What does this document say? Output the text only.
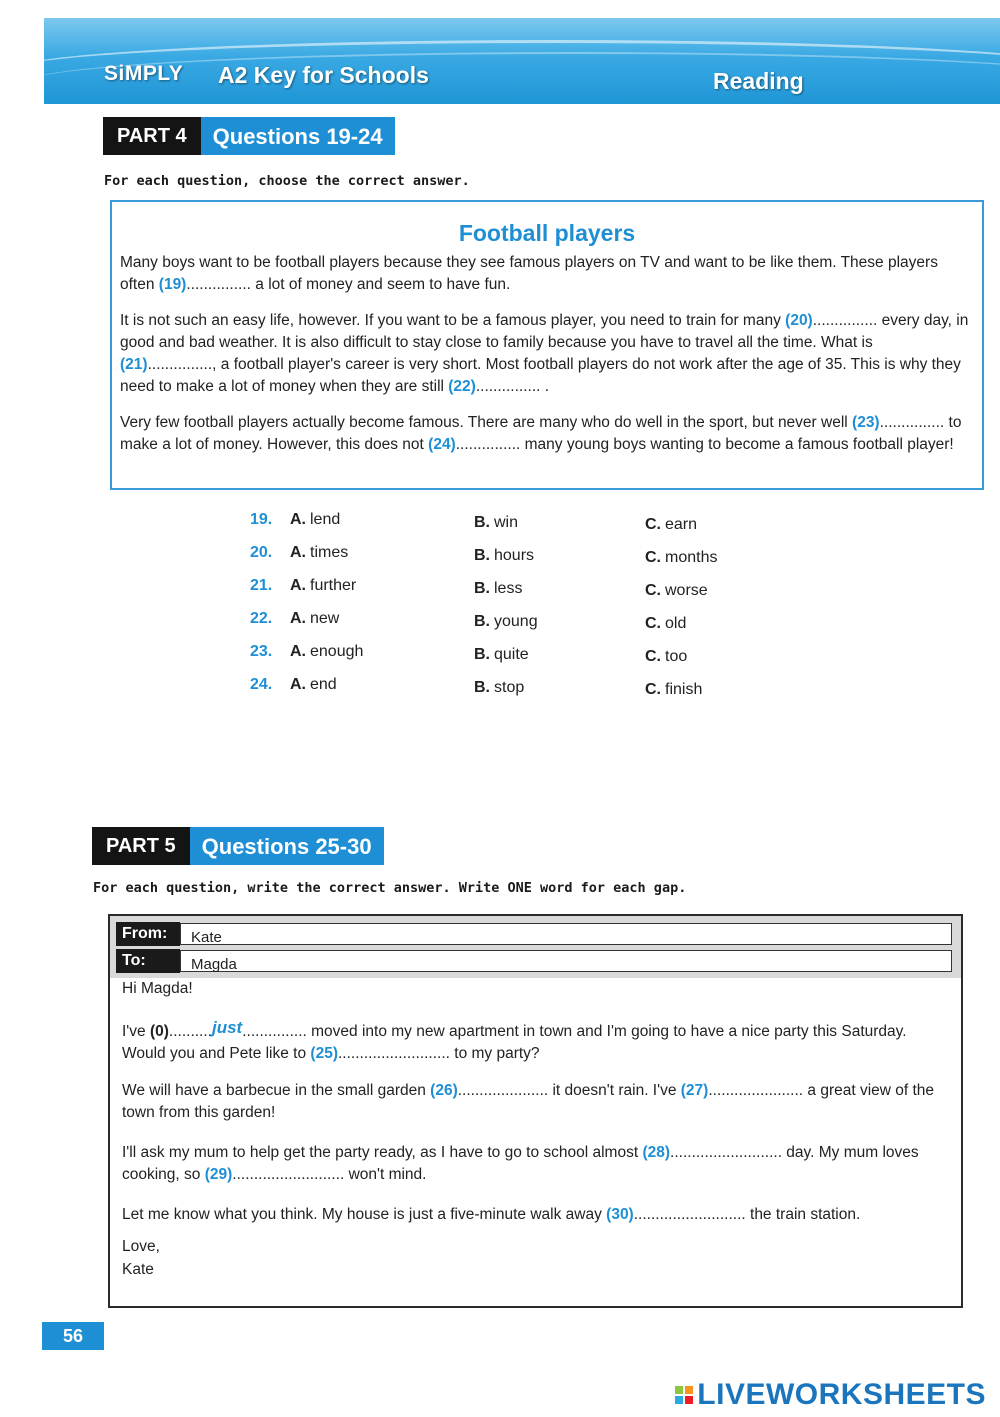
SiMPLY A2 Key for Schools	Reading
PART 4	Questions 19-24
For each question, choose the correct answer.
Football players
Many boys want to be football players because they see famous players on TV and want to be like them. These players often (19)............... a lot of money and seem to have fun.
It is not such an easy life, however. If you want to be a famous player, you need to train for many (20)............... every day, in good and bad weather. It is also difficult to stay close to family because you have to travel all the time. What is (21)..............., a football player's career is very short. Most football players do not work after the age of 35. This is why they need to make a lot of money when they are still (22)............... .
Very few football players actually become famous. There are many who do well in the sport, but never well (23)............... to make a lot of money. However, this does not (24)............... many young boys wanting to become a famous football player!
19. A. lend	B. win	C. earn
20. A. times	B. hours	C. months
21. A. further	B. less	C. worse
22. A. new	B. young	C. old
23. A. enough	B. quite	C. too
24. A. end	B. stop	C. finish
PART 5	Questions 25-30
For each question, write the correct answer. Write ONE word for each gap.
From:	Kate
To:	Magda
Hi Magda!
I've (0)..........just............... moved into my new apartment in town and I'm going to have a nice party this Saturday. Would you and Pete like to (25).......................... to my party?
We will have a barbecue in the small garden (26)..................... it doesn't rain. I've (27)...................... a great view of the town from this garden!
I'll ask my mum to help get the party ready, as I have to go to school almost (28).......................... day. My mum loves cooking, so (29).......................... won't mind.
Let me know what you think. My house is just a five-minute walk away (30).......................... the train station.
Love,
Kate
56
LIVEWORKSHEETS
